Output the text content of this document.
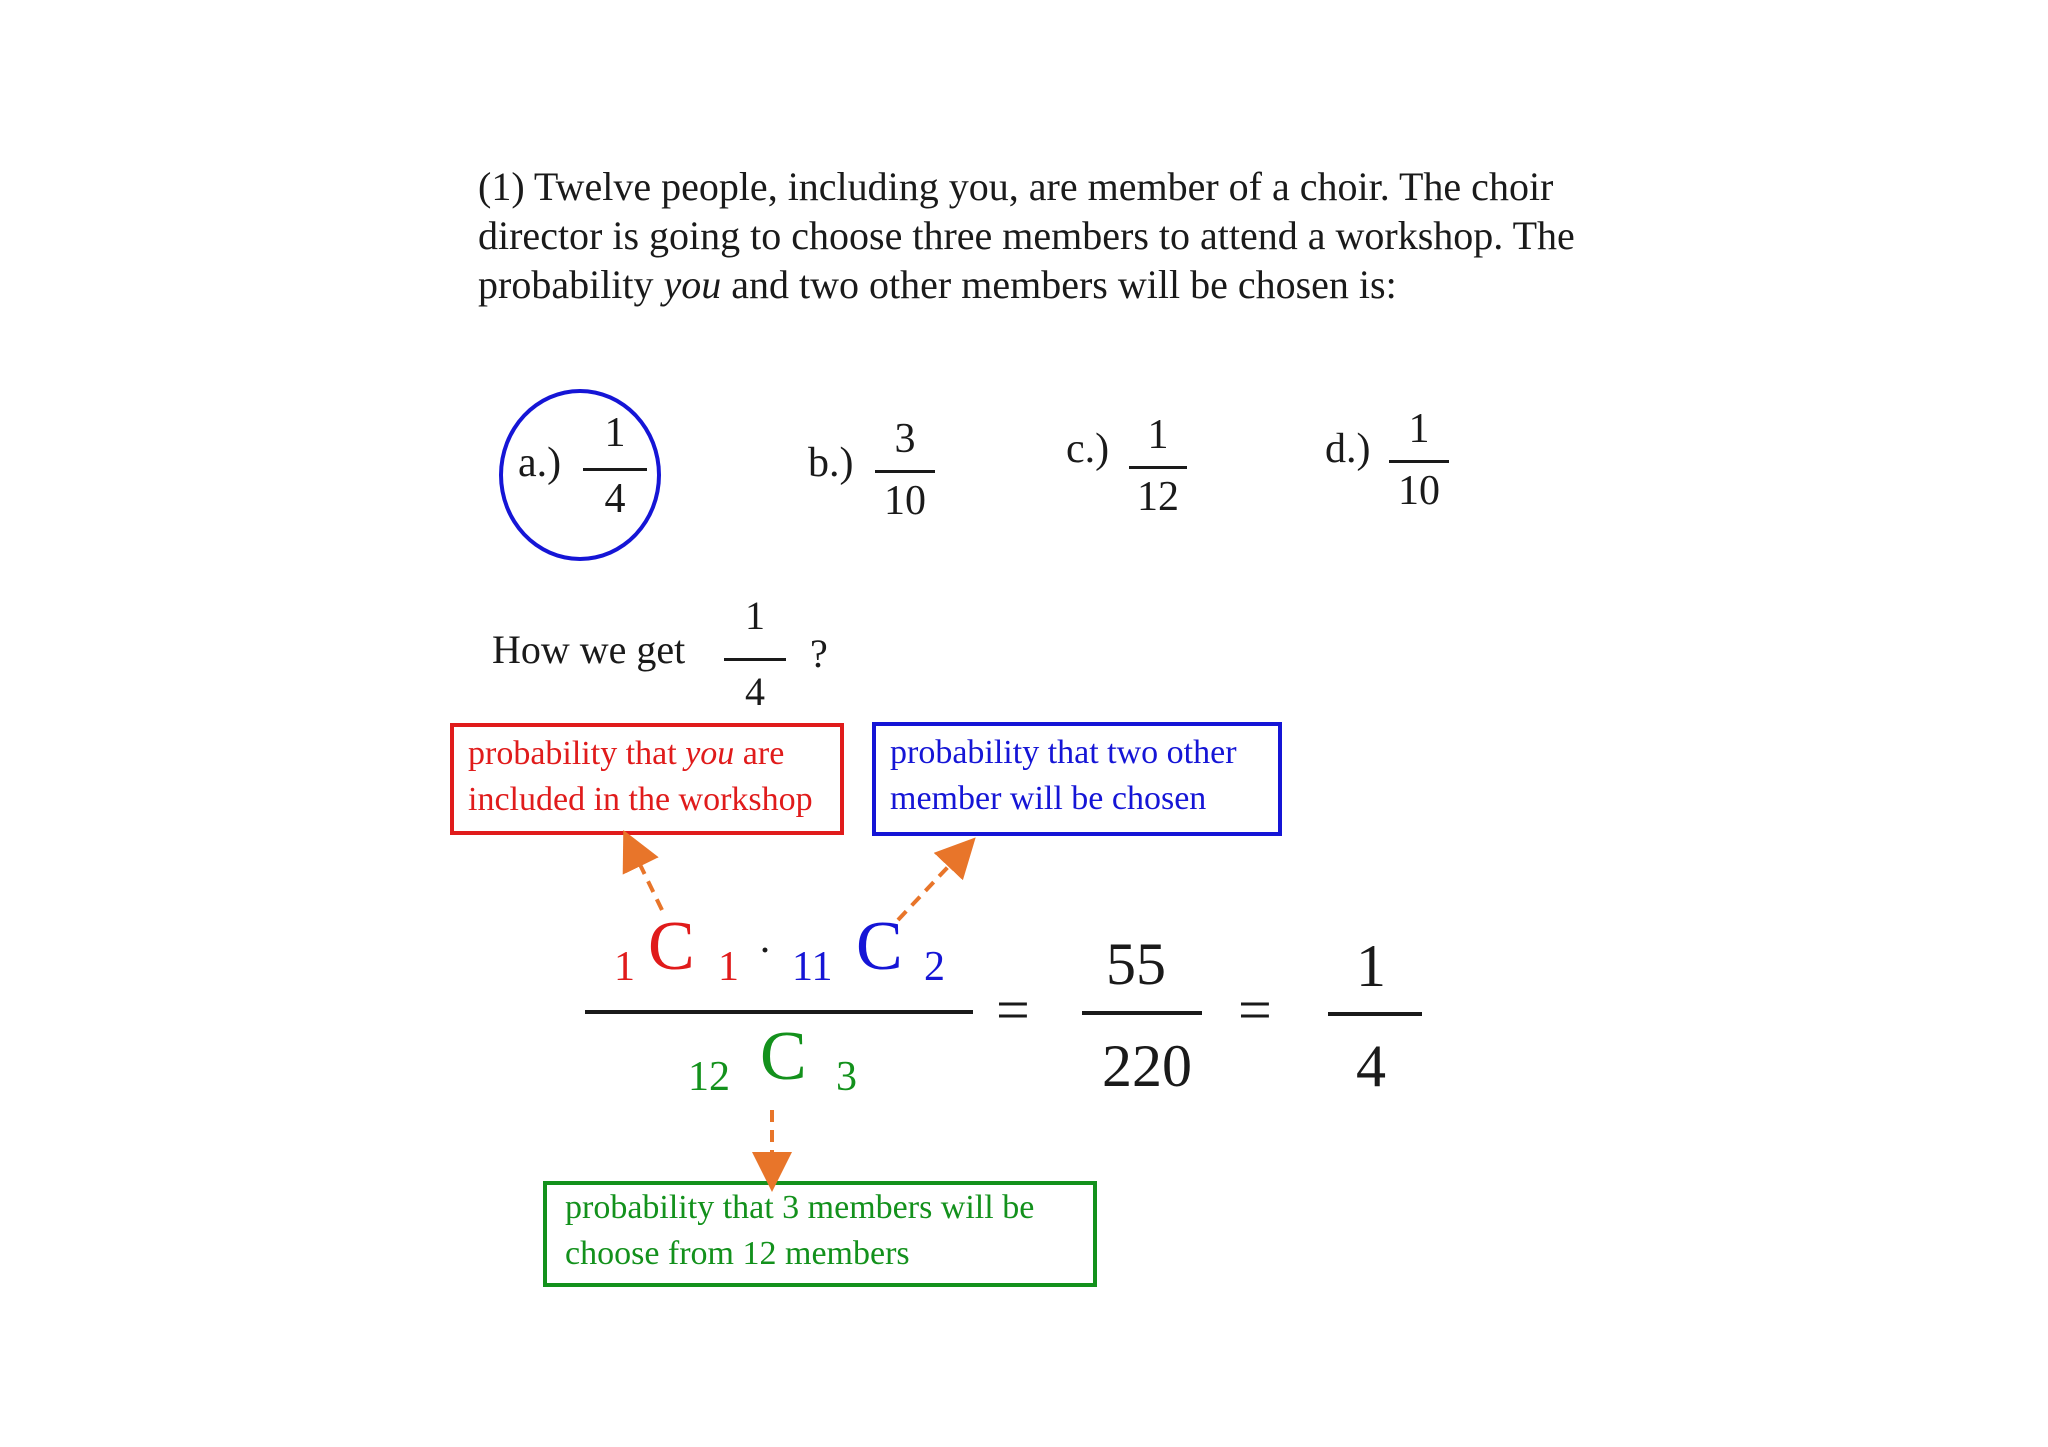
(1) Twelve people, including you, are member of a choir. The choir director is going to choose three members to attend a workshop. The probability you and two other members will be chosen is:
a.)
1
4
b.)
3
10
c.) 1
12
d.) 1
10
How we get
1
4
?
probability that you are included in the workshop
probability that two other member will be chosen
probability that 3 members will be choose from 12 members
1 C 1 · 11 C 2
12 C 3
=
55
220
=
1
4
